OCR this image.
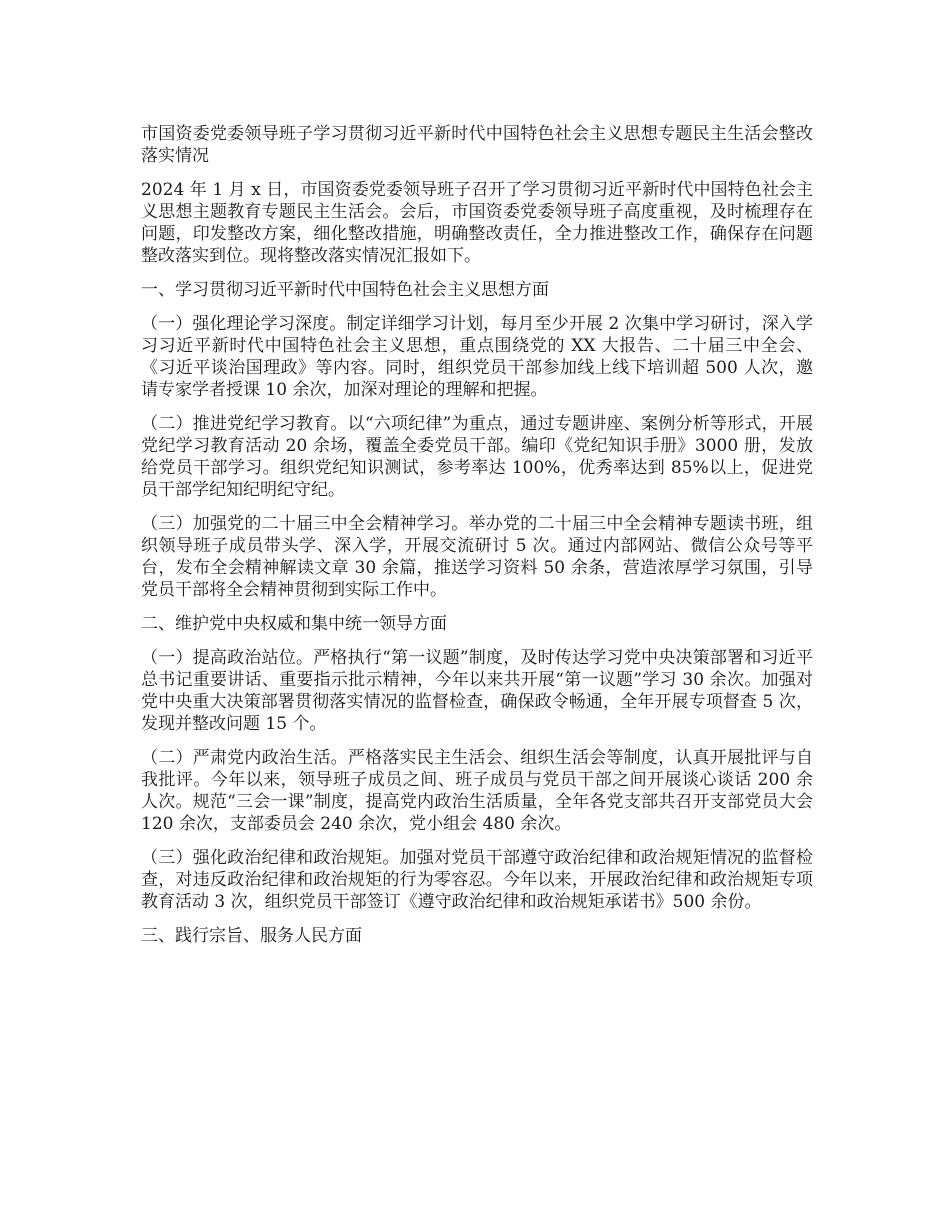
市国资委党委领导班子学习贯彻习近平新时代中国特色社会主义思想专题民主生活会整改落实情况

2024 年 1 月 x 日，市国资委党委领导班子召开了学习贯彻习近平新时代中国特色社会主义思想主题教育专题民主生活会。会后，市国资委党委领导班子高度重视，及时梳理存在问题，印发整改方案，细化整改措施，明确整改责任，全力推进整改工作，确保存在问题整改落实到位。现将整改落实情况汇报如下。

一、学习贯彻习近平新时代中国特色社会主义思想方面

（一）强化理论学习深度。制定详细学习计划，每月至少开展 2 次集中学习研讨，深入学习习近平新时代中国特色社会主义思想，重点围绕党的 XX 大报告、二十届三中全会、《习近平谈治国理政》等内容。同时，组织党员干部参加线上线下培训超 500 人次，邀请专家学者授课 10 余次，加深对理论的理解和把握。

（二）推进党纪学习教育。以“六项纪律”为重点，通过专题讲座、案例分析等形式，开展党纪学习教育活动 20 余场，覆盖全委党员干部。编印《党纪知识手册》3000 册，发放给党员干部学习。组织党纪知识测试，参考率达 100%，优秀率达到 85%以上，促进党员干部学纪知纪明纪守纪。

（三）加强党的二十届三中全会精神学习。举办党的二十届三中全会精神专题读书班，组织领导班子成员带头学、深入学，开展交流研讨 5 次。通过内部网站、微信公众号等平台，发布全会精神解读文章 30 余篇，推送学习资料 50 余条，营造浓厚学习氛围，引导党员干部将全会精神贯彻到实际工作中。

二、维护党中央权威和集中统一领导方面

（一）提高政治站位。严格执行“第一议题”制度，及时传达学习党中央决策部署和习近平总书记重要讲话、重要指示批示精神，今年以来共开展“第一议题”学习 30 余次。加强对党中央重大决策部署贯彻落实情况的监督检查，确保政令畅通，全年开展专项督查 5 次，发现并整改问题 15 个。

（二）严肃党内政治生活。严格落实民主生活会、组织生活会等制度，认真开展批评与自我批评。今年以来，领导班子成员之间、班子成员与党员干部之间开展谈心谈话 200 余人次。规范“三会一课”制度，提高党内政治生活质量，全年各党支部共召开支部党员大会 120 余次，支部委员会 240 余次，党小组会 480 余次。

（三）强化政治纪律和政治规矩。加强对党员干部遵守政治纪律和政治规矩情况的监督检查，对违反政治纪律和政治规矩的行为零容忍。今年以来，开展政治纪律和政治规矩专项教育活动 3 次，组织党员干部签订《遵守政治纪律和政治规矩承诺书》500 余份。

三、践行宗旨、服务人民方面
